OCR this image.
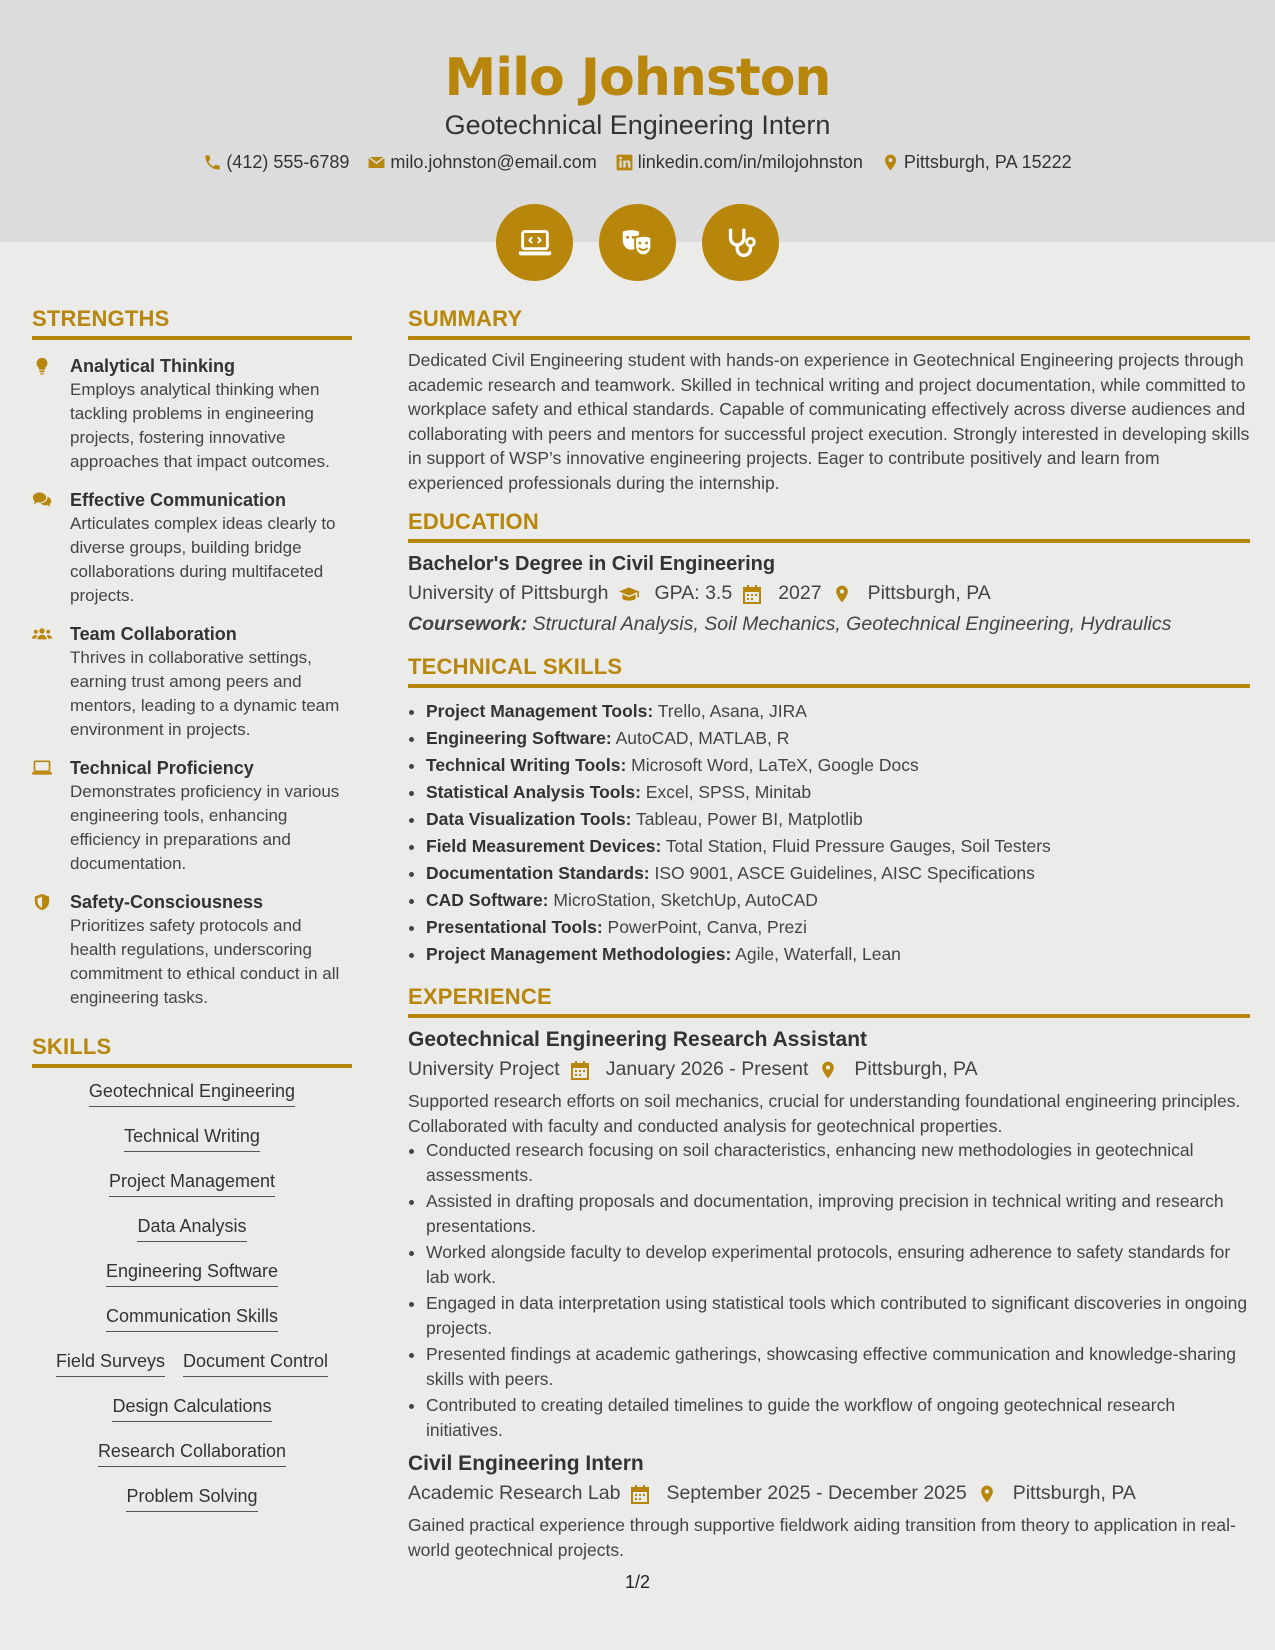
Milo Johnston
Geotechnical Engineering Intern
(412) 555-6789 milo.johnston@email.com linkedin.com/in/milojohnston Pittsburgh, PA 15222
STRENGTHS
Analytical Thinking
Employs analytical thinking when tackling problems in engineering projects, fostering innovative approaches that impact outcomes.
Effective Communication
Articulates complex ideas clearly to diverse groups, building bridge collaborations during multifaceted projects.
Team Collaboration
Thrives in collaborative settings, earning trust among peers and mentors, leading to a dynamic team environment in projects.
Technical Proficiency
Demonstrates proficiency in various engineering tools, enhancing efficiency in preparations and documentation.
Safety-Consciousness
Prioritizes safety protocols and health regulations, underscoring commitment to ethical conduct in all engineering tasks.
SKILLS
Geotechnical Engineering
Technical Writing
Project Management
Data Analysis
Engineering Software
Communication Skills
Field Surveys Document Control
Design Calculations
Research Collaboration
Problem Solving
SUMMARY
Dedicated Civil Engineering student with hands-on experience in Geotechnical Engineering projects through academic research and teamwork. Skilled in technical writing and project documentation, while committed to workplace safety and ethical standards. Capable of communicating effectively across diverse audiences and collaborating with peers and mentors for successful project execution. Strongly interested in developing skills in support of WSP’s innovative engineering projects. Eager to contribute positively and learn from experienced professionals during the internship.
EDUCATION
Bachelor's Degree in Civil Engineering
University of Pittsburgh GPA: 3.5 2027 Pittsburgh, PA
Coursework: Structural Analysis, Soil Mechanics, Geotechnical Engineering, Hydraulics
TECHNICAL SKILLS
• Project Management Tools: Trello, Asana, JIRA
• Engineering Software: AutoCAD, MATLAB, R
• Technical Writing Tools: Microsoft Word, LaTeX, Google Docs
• Statistical Analysis Tools: Excel, SPSS, Minitab
• Data Visualization Tools: Tableau, Power BI, Matplotlib
• Field Measurement Devices: Total Station, Fluid Pressure Gauges, Soil Testers
• Documentation Standards: ISO 9001, ASCE Guidelines, AISC Specifications
• CAD Software: MicroStation, SketchUp, AutoCAD
• Presentational Tools: PowerPoint, Canva, Prezi
• Project Management Methodologies: Agile, Waterfall, Lean
EXPERIENCE
Geotechnical Engineering Research Assistant
University Project January 2026 - Present Pittsburgh, PA
Supported research efforts on soil mechanics, crucial for understanding foundational engineering principles. Collaborated with faculty and conducted analysis for geotechnical properties.
• Conducted research focusing on soil characteristics, enhancing new methodologies in geotechnical assessments.
• Assisted in drafting proposals and documentation, improving precision in technical writing and research presentations.
• Worked alongside faculty to develop experimental protocols, ensuring adherence to safety standards for lab work.
• Engaged in data interpretation using statistical tools which contributed to significant discoveries in ongoing projects.
• Presented findings at academic gatherings, showcasing effective communication and knowledge-sharing skills with peers.
• Contributed to creating detailed timelines to guide the workflow of ongoing geotechnical research initiatives.
Civil Engineering Intern
Academic Research Lab September 2025 - December 2025 Pittsburgh, PA
Gained practical experience through supportive fieldwork aiding transition from theory to application in real-world geotechnical projects.
1/2
